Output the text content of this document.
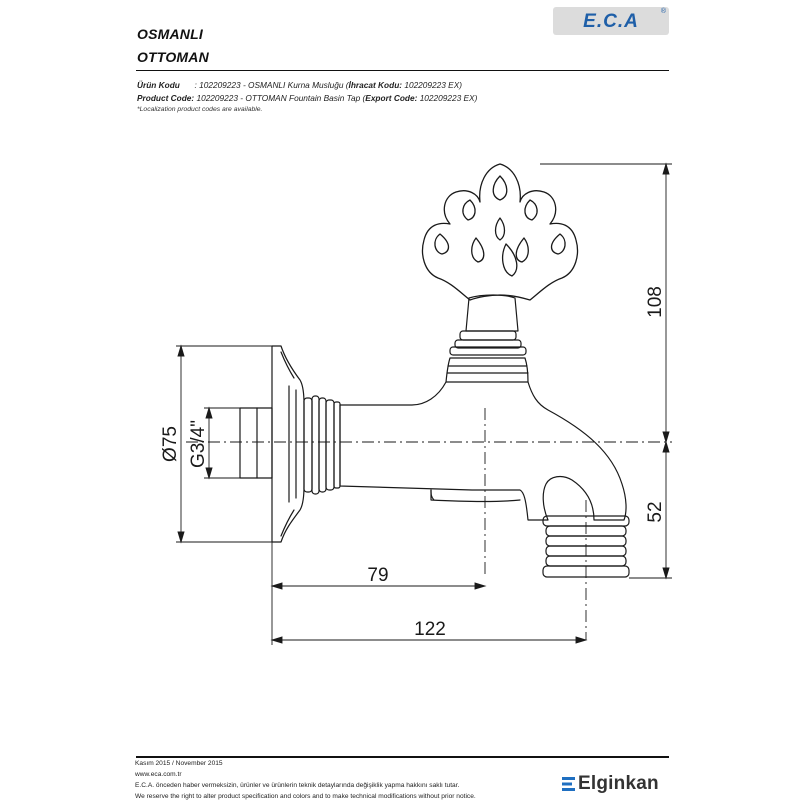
OSMANLI
OTTOMAN
E.C.A	®
Ürün Kodu : 102209223 - OSMANLI Kurna Musluğu (İhracat Kodu: 102209223 EX)
Product Code: 102209223 - OTTOMAN Fountain Basin Tap (Export Code: 102209223 EX)
*Localization product codes are available.
Ø75 G3/4"
108
52
79
122
Kasım 2015 / November 2015
www.eca.com.tr
E.C.A. önceden haber vermeksizin, ürünler ve ürünlerin teknik detaylarında değişiklik yapma hakkını saklı tutar.
We reserve the right to alter product specification and colors and to make technical modifications without prior notice.
Elginkan
